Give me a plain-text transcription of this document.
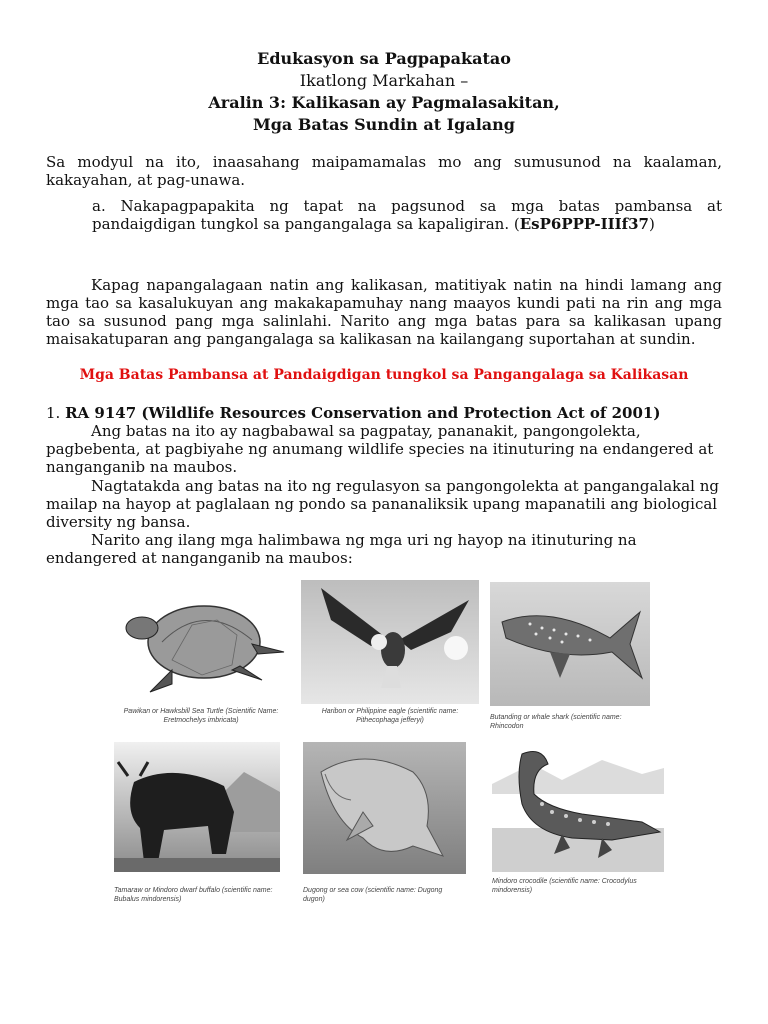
Edukasyon sa Pagpapakatao
Ikatlong Markahan –
Aralin 3: Kalikasan ay Pagmalasakitan,
Mga Batas Sundin at Igalang
Sa modyul na ito, inaasahang maipamamalas mo ang sumusunod na kaalaman, kakayahan, at pag-unawa.
a. Nakapagpapakita ng tapat na pagsunod sa mga batas pambansa at pandaigdigan tungkol sa pangangalaga sa kapaligiran. (EsP6PPP-IIIf37)
Kapag napangalagaan natin ang kalikasan, matitiyak natin na hindi lamang ang mga tao sa kasalukuyan ang makakapamuhay nang maayos kundi pati na rin ang mga tao sa susunod pang mga salinlahi. Narito ang mga batas para sa kalikasan upang maisakatuparan ang pangangalaga sa kalikasan na kailangang suportahan at sundin.
Mga Batas Pambansa at Pandaigdigan tungkol sa Pangangalaga sa Kalikasan
1. RA 9147 (Wildlife Resources Conservation and Protection Act of 2001)
Ang batas na ito ay nagbabawal sa pagpatay, pananakit, pangongolekta, pagbebenta, at pagbiyahe ng anumang wildlife species na itinuturing na endangered at nanganganib na maubos.
Nagtatakda ang batas na ito ng regulasyon sa pangongolekta at pangangalakal ng mailap na hayop at paglalaan ng pondo sa pananaliksik upang mapanatili ang biological diversity ng bansa.
Narito ang ilang mga halimbawa ng mga uri ng hayop na itinuturing na endangered at nanganganib na maubos:
Pawikan or Hawksbill Sea Turtle (Scientific Name: Eretmochelys imbricata)
Haribon or Philippine eagle (scientific name: Pithecophaga jefferyi)	Butanding or whale shark (scientific name: Rhincodon
Tamaraw or Mindoro dwarf buffalo (scientific name: Bubalus mindorensis)
Dugong or sea cow (scientific name: Dugong dugon)
Mindoro crocodile (scientific name: Crocodylus mindorensis)
